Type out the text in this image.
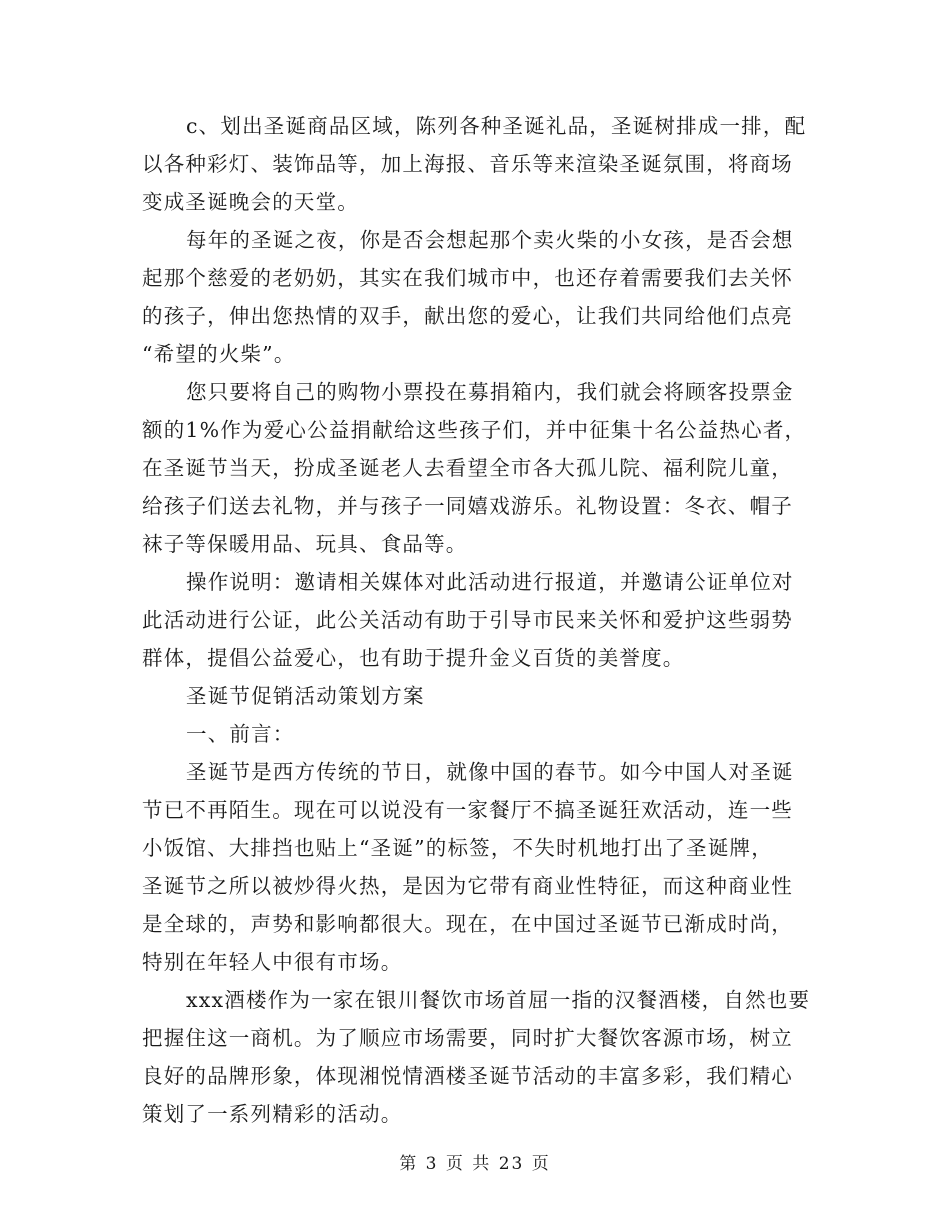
c、划出圣诞商品区域，陈列各种圣诞礼品，圣诞树排成一排，配
以各种彩灯、装饰品等，加上海报、音乐等来渲染圣诞氛围，将商场
变成圣诞晚会的天堂。

每年的圣诞之夜，你是否会想起那个卖火柴的小女孩，是否会想
起那个慈爱的老奶奶，其实在我们城市中，也还存着需要我们去关怀
的孩子，伸出您热情的双手，献出您的爱心，让我们共同给他们点亮
“希望的火柴”。

您只要将自己的购物小票投在募捐箱内，我们就会将顾客投票金
额的1%作为爱心公益捐献给这些孩子们，并中征集十名公益热心者，
在圣诞节当天，扮成圣诞老人去看望全市各大孤儿院、福利院儿童，
给孩子们送去礼物，并与孩子一同嬉戏游乐。礼物设置：冬衣、帽子
袜子等保暖用品、玩具、食品等。

操作说明：邀请相关媒体对此活动进行报道，并邀请公证单位对
此活动进行公证，此公关活动有助于引导市民来关怀和爱护这些弱势
群体，提倡公益爱心，也有助于提升金义百货的美誉度。

圣诞节促销活动策划方案

一、前言：

圣诞节是西方传统的节日，就像中国的春节。如今中国人对圣诞
节已不再陌生。现在可以说没有一家餐厅不搞圣诞狂欢活动，连一些
小饭馆、大排挡也贴上“圣诞”的标签，不失时机地打出了圣诞牌，
圣诞节之所以被炒得火热，是因为它带有商业性特征，而这种商业性
是全球的，声势和影响都很大。现在，在中国过圣诞节已渐成时尚，
特别在年轻人中很有市场。

xxx酒楼作为一家在银川餐饮市场首屈一指的汉餐酒楼，自然也要
把握住这一商机。为了顺应市场需要，同时扩大餐饮客源市场，树立
良好的品牌形象，体现湘悦情酒楼圣诞节活动的丰富多彩，我们精心
策划了一系列精彩的活动。

第 3 页 共 23 页
